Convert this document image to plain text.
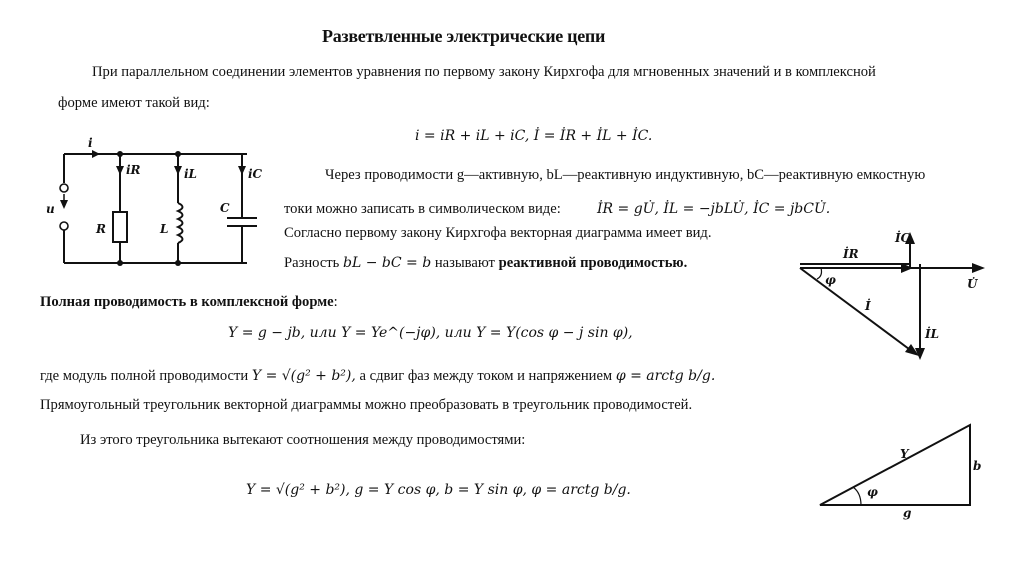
Разветвленные электрические цепи
При параллельном соединении элементов уравнения по первому закону Кирхгофа для мгновенных значений и в комплексной
форме имеют такой вид:
i = iR + iL + iC, İ = İR + İL + İC.
Через проводимости g—активную, bL—реактивную индуктивную, bC—реактивную емкостную
токи можно записать в символическом виде:	İR = gU̇, İL = −jbLU̇, İC = jbCU̇.
Согласно первому закону Кирхгофа векторная диаграмма имеет вид.
Разность bL − bC = b называют реактивной проводимостью.
Полная проводимость в комплексной форме:
Y = g − jb, или Y = Ye^(−jφ), или Y = Y(cos φ − j sin φ),
где модуль полной проводимости Y = √(g² + b²), а сдвиг фаз между током и напряжением φ = arctg b/g.
Прямоугольный треугольник векторной диаграммы можно преобразовать в треугольник проводимостей.
Из этого треугольника вытекают соотношения между проводимостями:
Y = √(g² + b²), g = Y cos φ, b = Y sin φ, φ = arctg b/g.
i
iR	iL	iC
u
R	L
C
İR
İC
İL
İ
U̇
φ
Y
b
g
φ
